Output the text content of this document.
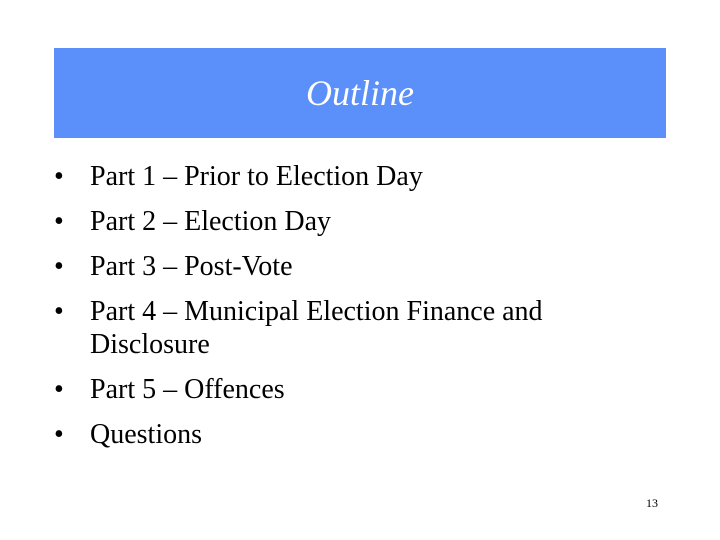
Outline
• Part 1 – Prior to Election Day
• Part 2 – Election Day
• Part 3 – Post-Vote
• Part 4 – Municipal Election Finance and Disclosure
• Part 5 – Offences
• Questions
13
